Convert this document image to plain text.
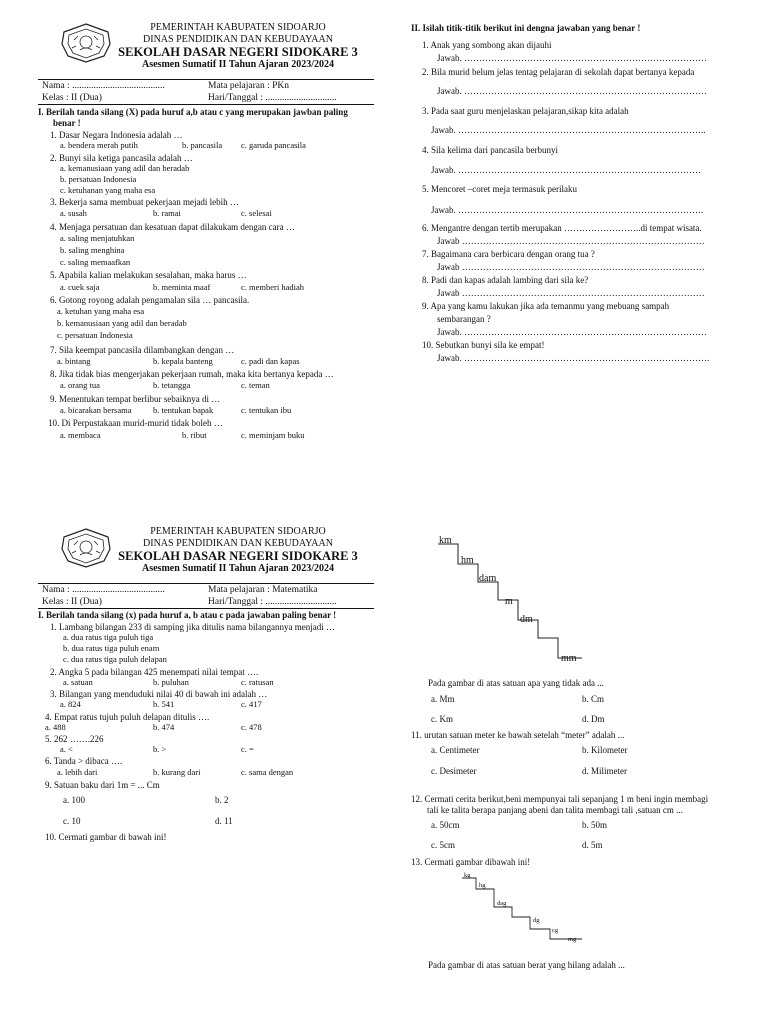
PEMERINTAH KABUPATEN SIDOARJO
DINAS PENDIDIKAN DAN KEBUDAYAAN
SEKOLAH DASAR NEGERI SIDOKARE 3
Asesmen Sumatif II Tahun Ajaran 2023/2024
Nama : .......................................	Mata pelajaran : PKn
Kelas : II (Dua)	Hari/Tanggal : ..............................
I. Berilah tanda silang (X) pada huruf a,b atau c yang merupakan jawban paling
benar !
1. Dasar Negara Indonesia adalah …
a. bendera merah putih	b. pancasila c. garuda pancasila
2. Bunyi sila ketiga pancasila adalah …
a. kemanusiaan yang adil dan beradab
b. persatuan Indonesia
c. ketuhanan yang maha esa
3. Bekerja sama membuat pekerjaan mejadi lebih …
a. susah	b. ramai	c. selesai
4. Menjaga persatuan dan kesatuan dapat dilakukam dengan cara …
a. saling menjatuhkan
b. saling menghina
c. saling memaafkan
5. Apabila kalian melakukan sesalahan, maka harus …
a. cuek saja	b. meminta maaf	c. memberi hadiah
6. Gotong royong adalah pengamalan sila … pancasila.
a. ketuhan yang maha esa
b. kemanusiaan yang adil dan beradab
c. persatuan Indonesia
7. Sila keempat pancasila dilambangkan dengan …
a. bintang	b. kepala banteng	c. padi dan kapas
8. Jika tidak bias mengerjakan pekerjaan rumah, maka kita bertanya kepada …
a. orang tua	b. tetangga	c. teman
9. Menentukan tempat berlibur sebaiknya di …
a. bicarakan bersama	b. tentukan bapak	c. tentukan ibu
10. Di Perpustakaan murid-murid tidak boleh …
a. membaca	b. ribut	c. meminjam buku
II. Isilah titik-titik berikut ini dengna jawaban yang benar !
1. Anak yang sombong akan dijauhi
Jawab. ………………………………………………………………………
2. Bila murid belum jelas tentag pelajaran di sekolah dapat bertanya kepada
Jawab. ………………………………………………………………………
3. Pada saat guru menjelaskan pelajaran,sikap kita adalah
Jawab. ………………………………………………………………………..
4. Sila kelima dari pancasila berbunyi
Jawab. ………………………………………………………………………
5. Mencoret –coret meja termasuk perilaku
Jawab. ……………………………………………………………………….
6. Mengantre dengan tertib merupakan ……………………..di tempat wisata.
Jawab ………………………………………………………………………
7. Bagaimana cara berbicara dengan orang tua ?
Jawab ………………………………………………………………………
8. Padi dan kapas adalah lambing dari sila ke?
Jawab ………………………………………………………………………
9. Apa yang kamu lakukan jika ada temanmu yang mebuang sampah
sembarangan ?
Jawab. ………………………………………………………………………
10. Sebutkan bunyi sila ke empat!
Jawab. ……………………………………………………………………….
PEMERINTAH KABUPATEN SIDOARJO
DINAS PENDIDIKAN DAN KEBUDAYAAN
SEKOLAH DASAR NEGERI SIDOKARE 3
Asesmen Sumatif II Tahun Ajaran 2023/2024
Nama : .......................................	Mata pelajaran : Matematika
Kelas : II (Dua)	Hari/Tanggal : ..............................
I. Berilah tanda silang (x) pada huruf a, b atau c pada jawaban paling benar !
1. Lambang bilangan 233 di samping jika ditulis nama bilangannya menjadi …
a. dua ratus tiga puluh tiga
b. dua ratus tiga puluh enam
c. dua ratus tiga puluh delapan
2. Angka 5 pada bilangan 425 menempati nilai tempat ….
a. satuan	b. puluhan	c. ratusan
3. Bilangan yang menduduki nilai 40 di bawah ini adalah …
a. 824	b. 541	c. 417
4. Empat ratus tujuh puluh delapan ditulis ….
a. 488	b. 474	c. 478
5. 262 …….226
a. <	b. >	c. =
6. Tanda > dibaca ….
a. lebih dari	b. kurang dari	c. sama dengan
9. Satuan baku dari 1m = ... Cm
a. 100	b. 2
c. 10	d. 11
10. Cermati gambar di bawah ini!
km
hm
dam
m
dm
mm
Pada gambar di atas satuan apa yang tidak ada ...
a. Mm	b. Cm
c. Km	d. Dm
11. urutan satuan meter ke bawah setelah “meter” adalah ...
a. Centimeter	b. Kilometer
c. Desimeter	d. Milimeter
12. Cermati cerita berikut,beni mempunyai tali sepanjang 1 m beni ingin membagi
tali ke talita berapa panjang abeni dan talita membagi tali ,satuan cm ...
a. 50cm	b. 50m
c. 5cm	d. 5m
13. Cermati gambar dibawah ini!
kg
hg
dag
dg
cg
mg
Pada gambar di atas satuan berat yang hilang adalah ...
